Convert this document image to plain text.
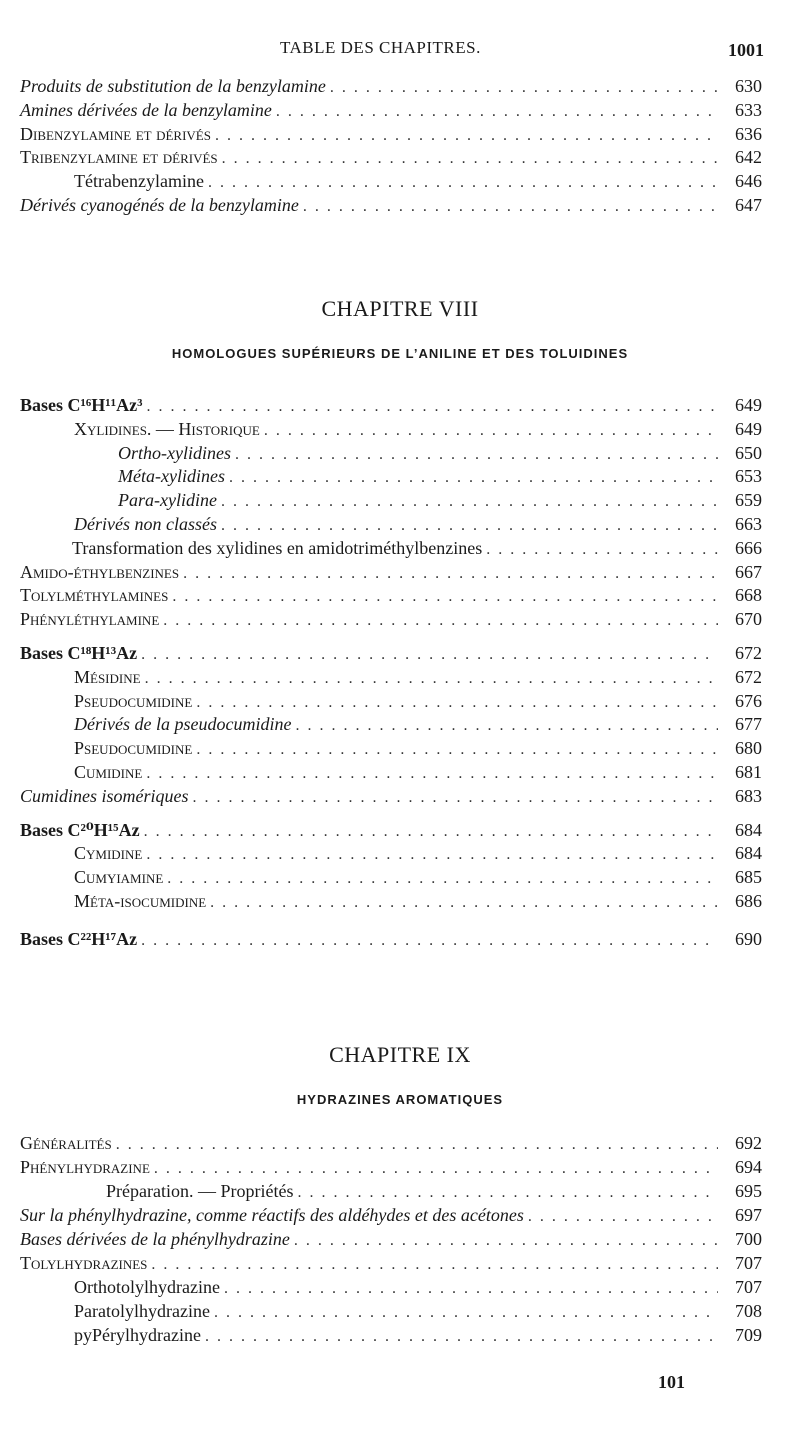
TABLE DES CHAPITRES.	1001
Produits de substitution de la benzylamine . . .	630
Amines dérivées de la benzylamine . . .	633
Dibenzylamine et dérivés . . .	636
Tribenzylamine et dérivés . . .	642
Tétrabenzylamine . . .	646
Dérivés cyanogénés de la benzylamine . . .	647
CHAPITRE VIII
HOMOLOGUES SUPÉRIEURS DE L’ANILINE ET DES TOLUIDINES
Bases C¹⁶H¹¹Az³ . . .	649
Xylidines. — Historique . . .	649
Ortho-xylidines . . .	650
Méta-xylidines . . .	653
Para-xylidine . . .	659
Dérivés non classés . . .	663
Transformation des xylidines en amidotriméthylbenzines . . .	666
Amido-éthylbenzines . . .	667
Tolylméthylamines . . .	668
Phényléthylamine . . .	670
Bases C¹⁸H¹³Az . . .	672
Mésidine . . .	672
Pseudocumidine . . .	676
Dérivés de la pseudocumidine . . .	677
Pseudocumidine . . .	680
Cumidine . . .	681
Cumidines isomériques . . .	683
Bases C²⁰H¹⁵Az . . .	684
Cymidine . . .	684
Cumyiamine . . .	685
Méta-isocumidine . . .	686
Bases C²²H¹⁷Az . . .	690
CHAPITRE IX
HYDRAZINES AROMATIQUES
Généralités . . .	692
Phénylhydrazine . . .	694
Préparation. — Propriétés . . .	695
Sur la phénylhydrazine, comme réactifs des aldéhydes et des acétones . . .	697
Bases dérivées de la phénylhydrazine . . .	700
Tolylhydrazines . . .	707
Orthotolylhydrazine . . .	707
Paratolylhydrazine . . .	708
pyPérylhydrazine . . .	709
101
